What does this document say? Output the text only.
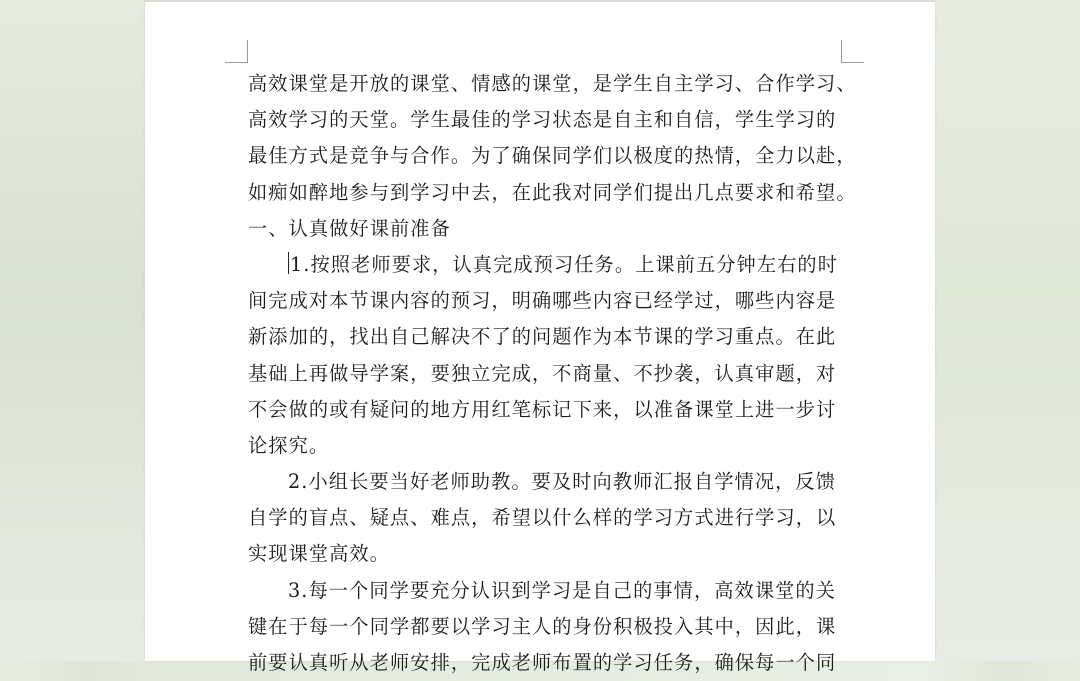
高效课堂是开放的课堂、情感的课堂，是学生自主学习、合作学习、
高效学习的天堂。学生最佳的学习状态是自主和自信，学生学习的
最佳方式是竞争与合作。为了确保同学们以极度的热情，全力以赴，
如痴如醉地参与到学习中去，在此我对同学们提出几点要求和希望。
一、认真做好课前准备
1.按照老师要求，认真完成预习任务。上课前五分钟左右的时
间完成对本节课内容的预习，明确哪些内容已经学过，哪些内容是
新添加的，找出自己解决不了的问题作为本节课的学习重点。在此
基础上再做导学案，要独立完成，不商量、不抄袭，认真审题，对
不会做的或有疑问的地方用红笔标记下来，以准备课堂上进一步讨
论探究。
2.小组长要当好老师助教。要及时向教师汇报自学情况，反馈
自学的盲点、疑点、难点，希望以什么样的学习方式进行学习，以
实现课堂高效。
3.每一个同学要充分认识到学习是自己的事情，高效课堂的关
键在于每一个同学都要以学习主人的身份积极投入其中，因此，课
前要认真听从老师安排，完成老师布置的学习任务，确保每一个同
